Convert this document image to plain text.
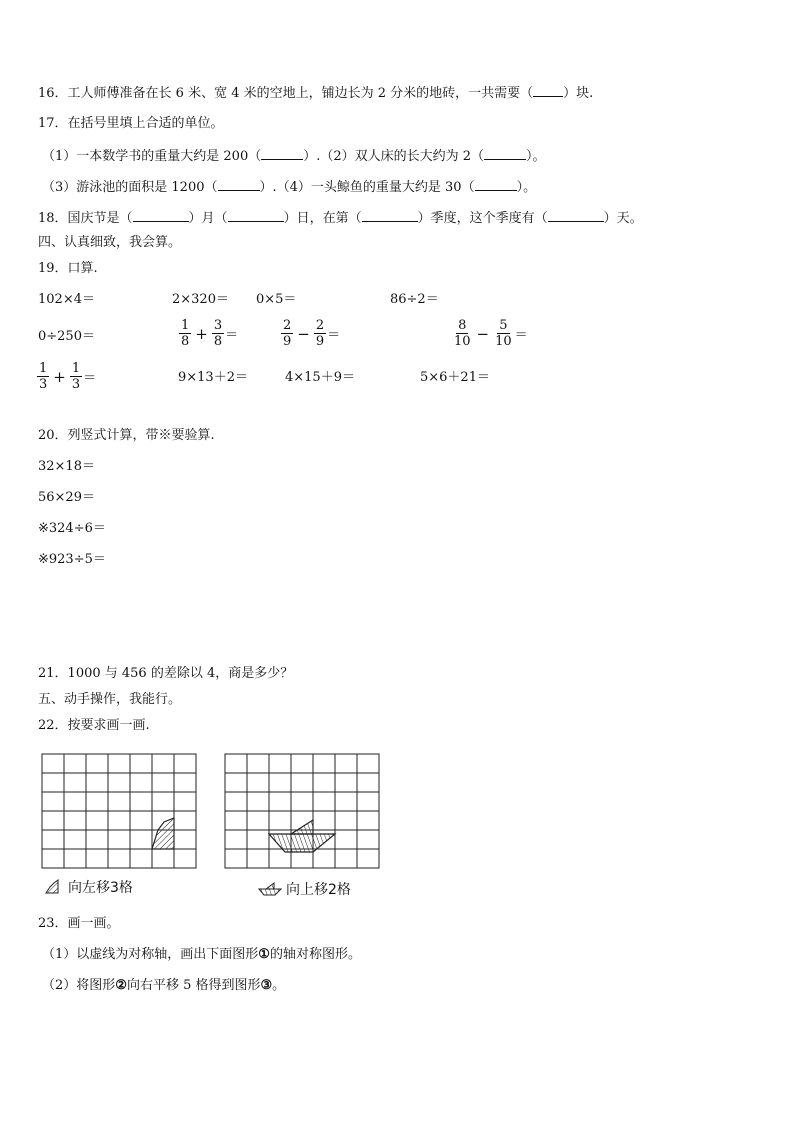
16．工人师傅准备在长 6 米、宽 4 米的空地上，铺边长为 2 分米的地砖，一共需要（ ）块.
17．在括号里填上合适的单位。
（1）一本数学书的重量大约是 200（	）.（2）双人床的长大约为 2（	）。
（3）游泳池的面积是 1200（	）.（4）一头鲸鱼的重量大约是 30（	）。
18．国庆节是（	）月（	）日，在第（	）季度，这个季度有（	）天。
四、认真细致，我会算。
19．口算.
102×4＝	2×320＝ 0×5＝	86÷2＝
0÷250＝	$\frac{1}{8} + \frac{3}{8}$ ＝	$\frac{2}{9} - \frac{2}{9}$ ＝	$\frac{8}{10} - \frac{5}{10}$ ＝
$\frac{1}{3} + \frac{1}{3}$ ＝	9×13＋2＝	4×15＋9＝	5×6＋21＝
20．列竖式计算，带※要验算.
32×18＝
56×29＝
※324÷6＝
※923÷5＝
21．1000 与 456 的差除以 4，商是多少？
五、动手操作，我能行。
22．按要求画一画.
向左移3格	向上移2格
23．画一画。
（1）以虚线为对称轴，画出下面图形①的轴对称图形。
（2）将图形②向右平移 5 格得到图形③。
